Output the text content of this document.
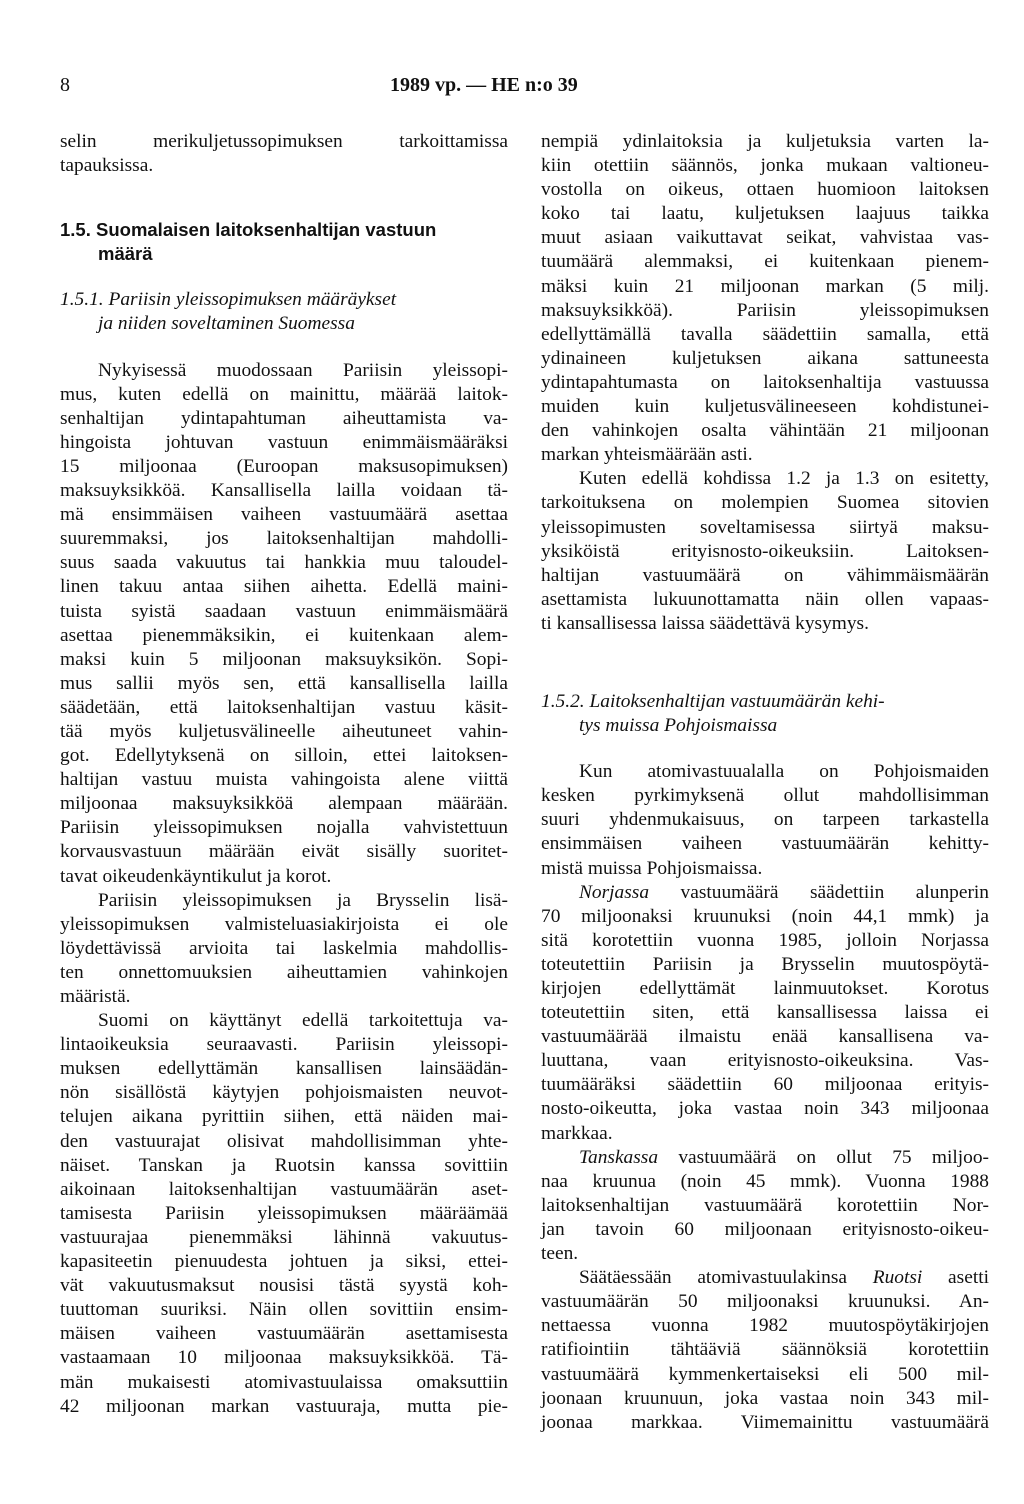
8	1989 vp. — HE n:o 39
selin merikuljetussopimuksen tarkoittamissa
tapauksissa.
1.5. Suomalaisen laitoksenhaltijan vastuun
määrä
1.5.1. Pariisin yleissopimuksen määräykset
ja niiden soveltaminen Suomessa
Nykyisessä muodossaan Pariisin yleissopi-
mus, kuten edellä on mainittu, määrää laitok-
senhaltijan ydintapahtuman aiheuttamista va-
hingoista johtuvan vastuun enimmäismääräksi
15 miljoonaa (Euroopan maksusopimuksen)
maksuyksikköä. Kansallisella lailla voidaan tä-
mä ensimmäisen vaiheen vastuumäärä asettaa
suuremmaksi, jos laitoksenhaltijan mahdolli-
suus saada vakuutus tai hankkia muu taloudel-
linen takuu antaa siihen aihetta. Edellä maini-
tuista syistä saadaan vastuun enimmäismäärä
asettaa pienemmäksikin, ei kuitenkaan alem-
maksi kuin 5 miljoonan maksuyksikön. Sopi-
mus sallii myös sen, että kansallisella lailla
säädetään, että laitoksenhaltijan vastuu käsit-
tää myös kuljetusvälineelle aiheutuneet vahin-
got. Edellytyksenä on silloin, ettei laitoksen-
haltijan vastuu muista vahingoista alene viittä
miljoonaa maksuyksikköä alempaan määrään.
Pariisin yleissopimuksen nojalla vahvistettuun
korvausvastuun määrään eivät sisälly suoritet-
tavat oikeudenkäyntikulut ja korot.
Pariisin yleissopimuksen ja Brysselin lisä-
yleissopimuksen valmisteluasiakirjoista ei ole
löydettävissä arvioita tai laskelmia mahdollis-
ten onnettomuuksien aiheuttamien vahinkojen
määristä.
Suomi on käyttänyt edellä tarkoitettuja va-
lintaoikeuksia seuraavasti. Pariisin yleissopi-
muksen edellyttämän kansallisen lainsäädän-
nön sisällöstä käytyjen pohjoismaisten neuvot-
telujen aikana pyrittiin siihen, että näiden mai-
den vastuurajat olisivat mahdollisimman yhte-
näiset. Tanskan ja Ruotsin kanssa sovittiin
aikoinaan laitoksenhaltijan vastuumäärän aset-
tamisesta Pariisin yleissopimuksen määräämää
vastuurajaa pienemmäksi lähinnä vakuutus-
kapasiteetin pienuudesta johtuen ja siksi, ettei-
vät vakuutusmaksut nousisi tästä syystä koh-
tuuttoman suuriksi. Näin ollen sovittiin ensim-
mäisen vaiheen vastuumäärän asettamisesta
vastaamaan 10 miljoonaa maksuyksikköä. Tä-
män mukaisesti atomivastuulaissa omaksuttiin
42 miljoonan markan vastuuraja, mutta pie-
nempiä ydinlaitoksia ja kuljetuksia varten la-
kiin otettiin säännös, jonka mukaan valtioneu-
vostolla on oikeus, ottaen huomioon laitoksen
koko tai laatu, kuljetuksen laajuus taikka
muut asiaan vaikuttavat seikat, vahvistaa vas-
tuumäärä alemmaksi, ei kuitenkaan pienem-
mäksi kuin 21 miljoonan markan (5 milj.
maksuyksikköä). Pariisin yleissopimuksen
edellyttämällä tavalla säädettiin samalla, että
ydinaineen kuljetuksen aikana sattuneesta
ydintapahtumasta on laitoksenhaltija vastuussa
muiden kuin kuljetusvälineeseen kohdistunei-
den vahinkojen osalta vähintään 21 miljoonan
markan yhteismäärään asti.
Kuten edellä kohdissa 1.2 ja 1.3 on esitetty,
tarkoituksena on molempien Suomea sitovien
yleissopimusten soveltamisessa siirtyä maksu-
yksiköistä erityisnosto-oikeuksiin. Laitoksen-
haltijan vastuumäärä on vähimmäismäärän
asettamista lukuunottamatta näin ollen vapaas-
ti kansallisessa laissa säädettävä kysymys.
1.5.2. Laitoksenhaltijan vastuumäärän kehi-
tys muissa Pohjoismaissa
Kun atomivastuualalla on Pohjoismaiden
kesken pyrkimyksenä ollut mahdollisimman
suuri yhdenmukaisuus, on tarpeen tarkastella
ensimmäisen vaiheen vastuumäärän kehitty-
mistä muissa Pohjoismaissa.
Norjassa vastuumäärä säädettiin alunperin
70 miljoonaksi kruunuksi (noin 44,1 mmk) ja
sitä korotettiin vuonna 1985, jolloin Norjassa
toteutettiin Pariisin ja Brysselin muutospöytä-
kirjojen edellyttämät lainmuutokset. Korotus
toteutettiin siten, että kansallisessa laissa ei
vastuumäärää ilmaistu enää kansallisena va-
luuttana, vaan erityisnosto-oikeuksina. Vas-
tuumääräksi säädettiin 60 miljoonaa erityis-
nosto-oikeutta, joka vastaa noin 343 miljoonaa
markkaa.
Tanskassa vastuumäärä on ollut 75 miljoo-
naa kruunua (noin 45 mmk). Vuonna 1988
laitoksenhaltijan vastuumäärä korotettiin Nor-
jan tavoin 60 miljoonaan erityisnosto-oikeu-
teen.
Säätäessään atomivastuulakinsa Ruotsi asetti
vastuumäärän 50 miljoonaksi kruunuksi. An-
nettaessa vuonna 1982 muutospöytäkirjojen
ratifiointiin tähtääviä säännöksiä korotettiin
vastuumäärä kymmenkertaiseksi eli 500 mil-
joonaan kruunuun, joka vastaa noin 343 mil-
joonaa markkaa. Viimemainittu vastuumäärä
